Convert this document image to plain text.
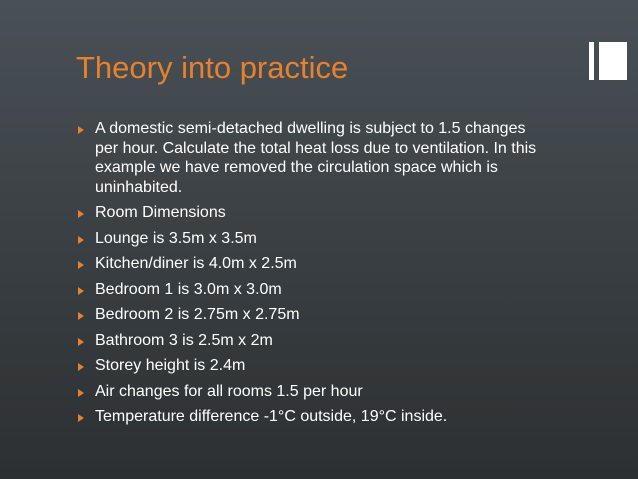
Theory into practice
A domestic semi-detached dwelling is subject to 1.5 changes per hour. Calculate the total heat loss due to ventilation. In this example we have removed the circulation space which is uninhabited.
Room Dimensions
Lounge is 3.5m x 3.5m
Kitchen/diner is 4.0m x 2.5m
Bedroom 1 is 3.0m x 3.0m
Bedroom 2 is 2.75m x 2.75m
Bathroom 3 is 2.5m x 2m
Storey height is 2.4m
Air changes for all rooms 1.5 per hour
Temperature difference -1°C outside, 19°C inside.
